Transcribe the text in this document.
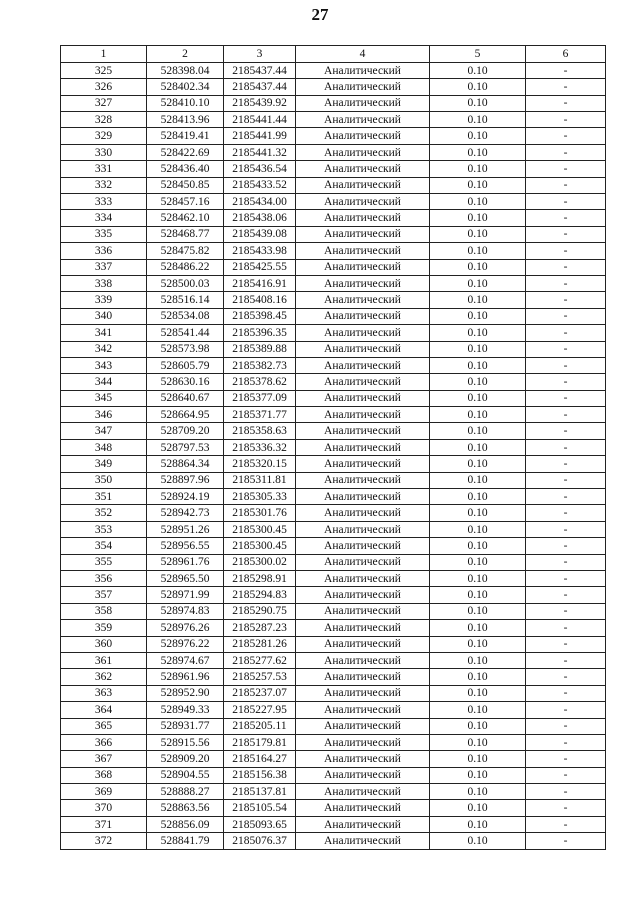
27
1	2	3	4	5	6
325	528398.04	2185437.44	Аналитический	0.10	-
326	528402.34	2185437.44	Аналитический	0.10	-
327	528410.10	2185439.92	Аналитический	0.10	-
328	528413.96	2185441.44	Аналитический	0.10	-
329	528419.41	2185441.99	Аналитический	0.10	-
330	528422.69	2185441.32	Аналитический	0.10	-
331	528436.40	2185436.54	Аналитический	0.10	-
332	528450.85	2185433.52	Аналитический	0.10	-
333	528457.16	2185434.00	Аналитический	0.10	-
334	528462.10	2185438.06	Аналитический	0.10	-
335	528468.77	2185439.08	Аналитический	0.10	-
336	528475.82	2185433.98	Аналитический	0.10	-
337	528486.22	2185425.55	Аналитический	0.10	-
338	528500.03	2185416.91	Аналитический	0.10	-
339	528516.14	2185408.16	Аналитический	0.10	-
340	528534.08	2185398.45	Аналитический	0.10	-
341	528541.44	2185396.35	Аналитический	0.10	-
342	528573.98	2185389.88	Аналитический	0.10	-
343	528605.79	2185382.73	Аналитический	0.10	-
344	528630.16	2185378.62	Аналитический	0.10	-
345	528640.67	2185377.09	Аналитический	0.10	-
346	528664.95	2185371.77	Аналитический	0.10	-
347	528709.20	2185358.63	Аналитический	0.10	-
348	528797.53	2185336.32	Аналитический	0.10	-
349	528864.34	2185320.15	Аналитический	0.10	-
350	528897.96	2185311.81	Аналитический	0.10	-
351	528924.19	2185305.33	Аналитический	0.10	-
352	528942.73	2185301.76	Аналитический	0.10	-
353	528951.26	2185300.45	Аналитический	0.10	-
354	528956.55	2185300.45	Аналитический	0.10	-
355	528961.76	2185300.02	Аналитический	0.10	-
356	528965.50	2185298.91	Аналитический	0.10	-
357	528971.99	2185294.83	Аналитический	0.10	-
358	528974.83	2185290.75	Аналитический	0.10	-
359	528976.26	2185287.23	Аналитический	0.10	-
360	528976.22	2185281.26	Аналитический	0.10	-
361	528974.67	2185277.62	Аналитический	0.10	-
362	528961.96	2185257.53	Аналитический	0.10	-
363	528952.90	2185237.07	Аналитический	0.10	-
364	528949.33	2185227.95	Аналитический	0.10	-
365	528931.77	2185205.11	Аналитический	0.10	-
366	528915.56	2185179.81	Аналитический	0.10	-
367	528909.20	2185164.27	Аналитический	0.10	-
368	528904.55	2185156.38	Аналитический	0.10	-
369	528888.27	2185137.81	Аналитический	0.10	-
370	528863.56	2185105.54	Аналитический	0.10	-
371	528856.09	2185093.65	Аналитический	0.10	-
372	528841.79	2185076.37	Аналитический	0.10	-
